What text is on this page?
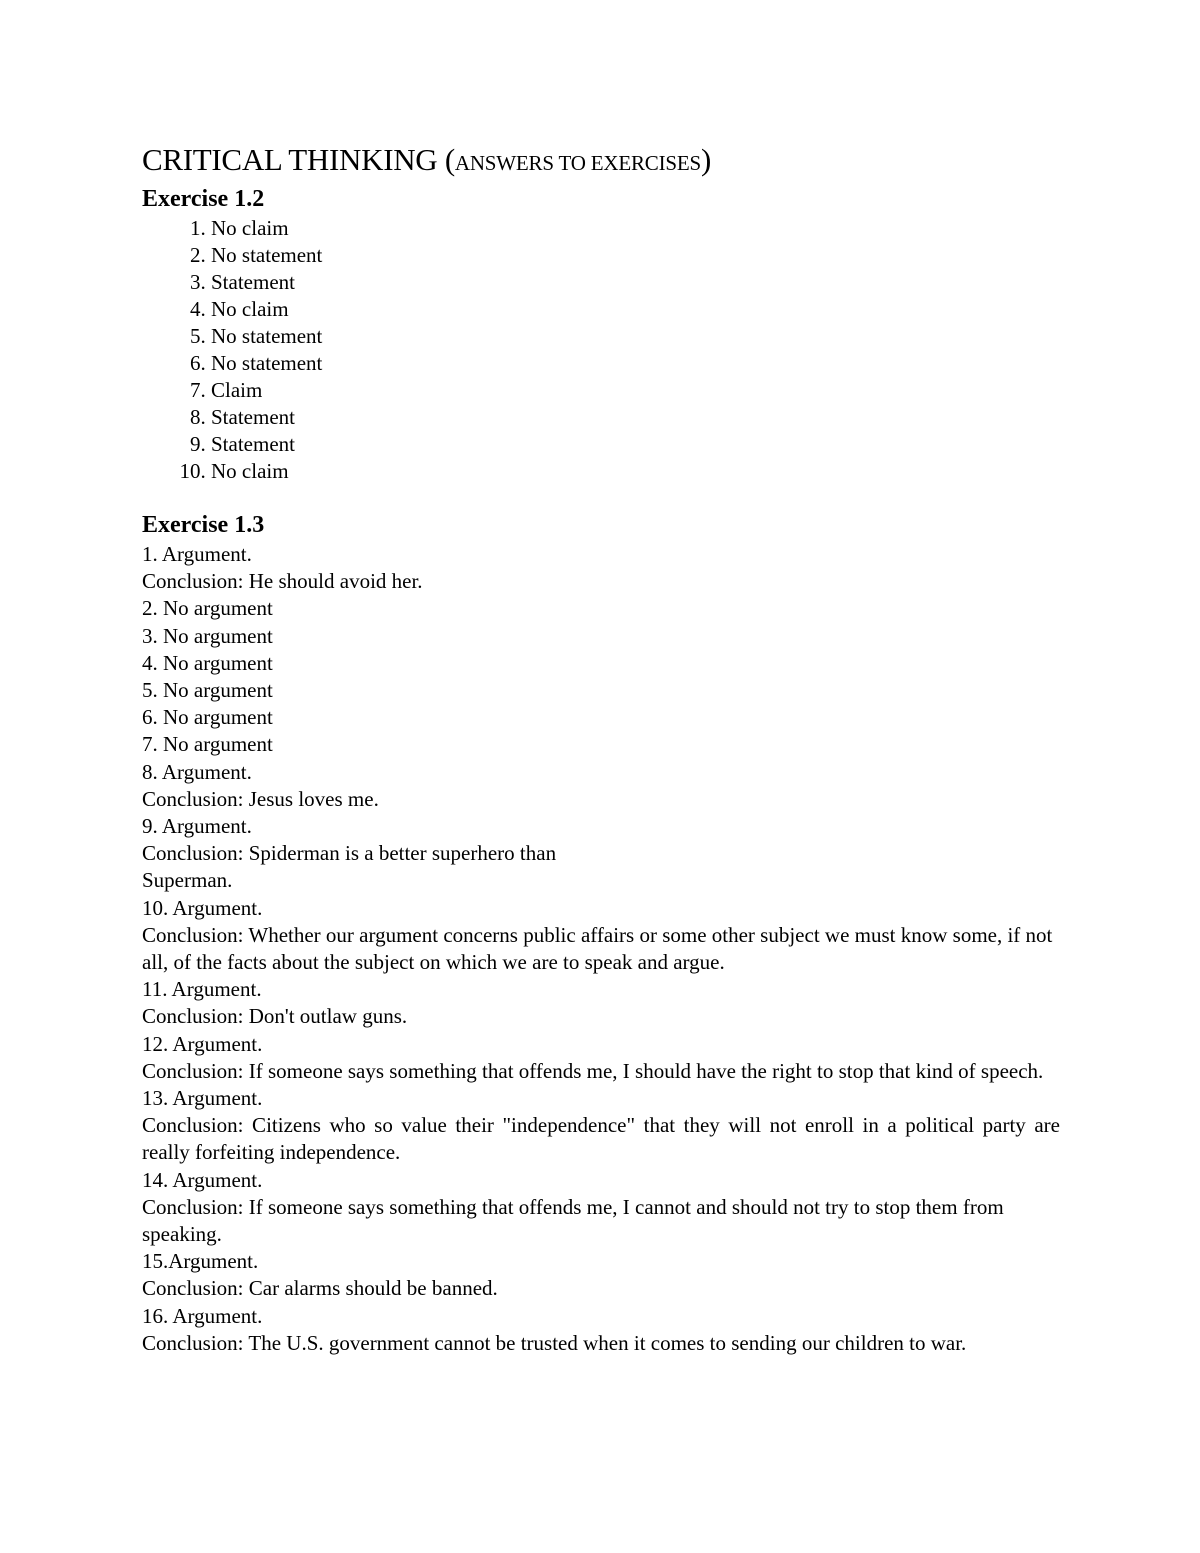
CRITICAL THINKING (ANSWERS TO EXERCISES)
Exercise 1.2
1. No claim
2. No statement
3. Statement
4. No claim
5. No statement
6. No statement
7. Claim
8. Statement
9. Statement
10. No claim
Exercise 1.3

1. Argument.

Conclusion: He should avoid her.

2. No argument

3. No argument

4. No argument

5. No argument

6. No argument

7. No argument

8. Argument.

Conclusion: Jesus loves me.

9. Argument.

Conclusion: Spiderman is a better superhero than

Superman.

10. Argument.

Conclusion: Whether our argument concerns public affairs or some other subject we must know some, if not all, of the facts about the subject on which we are to speak and argue.

11. Argument.

Conclusion: Don't outlaw guns.

12. Argument.

Conclusion: If someone says something that offends me, I should have the right to stop that kind of speech.

13. Argument.

Conclusion: Citizens who so value their "independence" that they will not enroll in a political party are really forfeiting independence.

14. Argument.

Conclusion: If someone says something that offends me, I cannot and should not try to stop them from speaking.

15.Argument.

Conclusion: Car alarms should be banned.

16. Argument.

Conclusion: The U.S. government cannot be trusted when it comes to sending our children to war.
